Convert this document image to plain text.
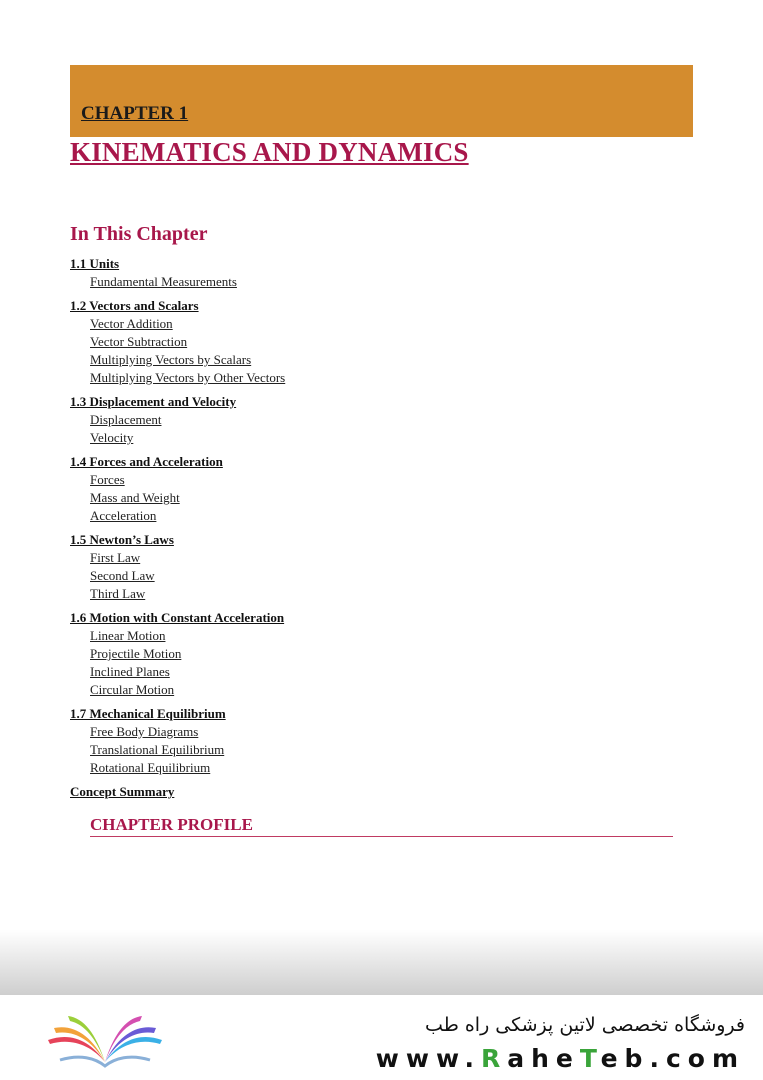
CHAPTER 1
KINEMATICS AND DYNAMICS
In This Chapter
1.1 Units
Fundamental Measurements
1.2 Vectors and Scalars
Vector Addition
Vector Subtraction
Multiplying Vectors by Scalars
Multiplying Vectors by Other Vectors
1.3 Displacement and Velocity
Displacement
Velocity
1.4 Forces and Acceleration
Forces
Mass and Weight
Acceleration
1.5 Newton’s Laws
First Law
Second Law
Third Law
1.6 Motion with Constant Acceleration
Linear Motion
Projectile Motion
Inclined Planes
Circular Motion
1.7 Mechanical Equilibrium
Free Body Diagrams
Translational Equilibrium
Rotational Equilibrium
Concept Summary
CHAPTER PROFILE
فروشگاه تخصصی لاتین پزشکی راه طب
www.RaheTeb.com
